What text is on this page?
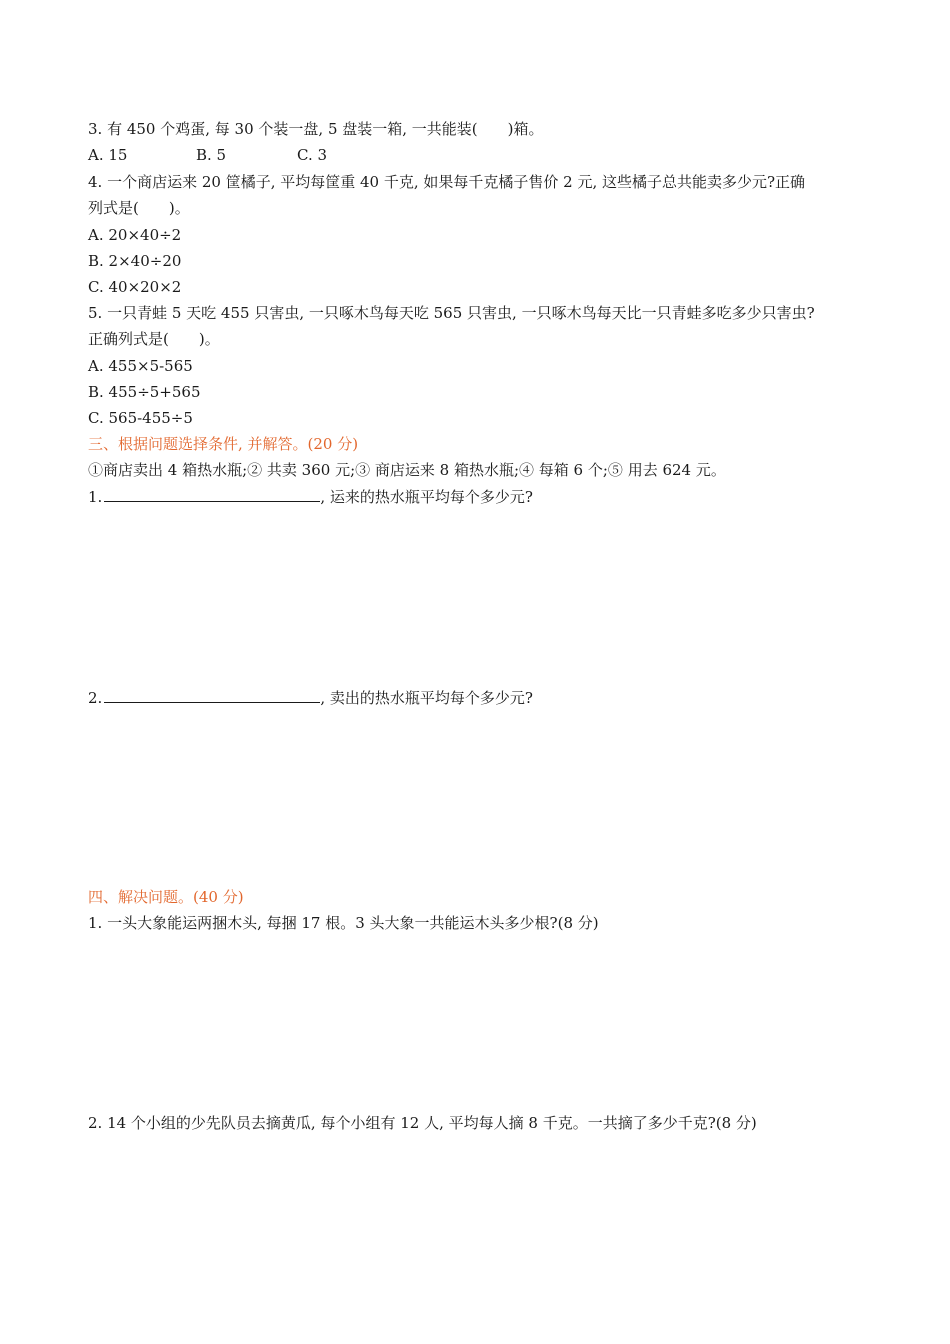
3. 有 450 个鸡蛋, 每 30 个装一盘, 5 盘装一箱, 一共能装(　　)箱。
A. 15	B. 5	C. 3
4. 一个商店运来 20 筐橘子, 平均每筐重 40 千克, 如果每千克橘子售价 2 元, 这些橘子总共能卖多少元?正确
列式是(　　)。
A. 20×40÷2
B. 2×40÷20
C. 40×20×2
5. 一只青蛙 5 天吃 455 只害虫, 一只啄木鸟每天吃 565 只害虫, 一只啄木鸟每天比一只青蛙多吃多少只害虫?
正确列式是(　　)。
A. 455×5-565
B. 455÷5+565
C. 565-455÷5
三、根据问题选择条件, 并解答。(20 分)
①商店卖出 4 箱热水瓶;② 共卖 360 元;③ 商店运来 8 箱热水瓶;④ 每箱 6 个;⑤ 用去 624 元。
1.	, 运来的热水瓶平均每个多少元?
2.	, 卖出的热水瓶平均每个多少元?
四、解决问题。(40 分)
1. 一头大象能运两捆木头, 每捆 17 根。3 头大象一共能运木头多少根?(8 分)
2. 14 个小组的少先队员去摘黄瓜, 每个小组有 12 人, 平均每人摘 8 千克。一共摘了多少千克?(8 分)
